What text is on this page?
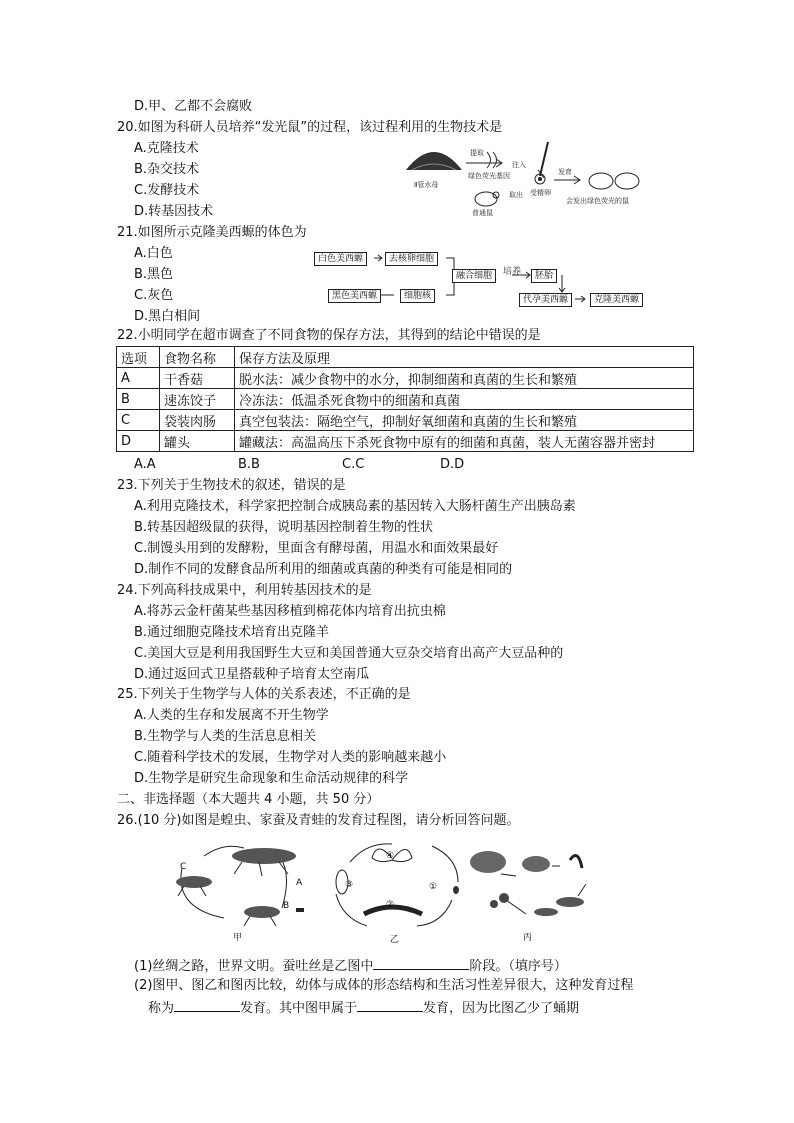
D.甲、乙都不会腐败
20.如图为科研人员培养“发光鼠”的过程，该过程利用的生物技术是
A.克隆技术
B.杂交技术
C.发酵技术
D.转基因技术
Ⅱ管水母
提取
绿色荧光基因
注入
受精卵
取出
普通鼠
发育
会发出绿色荧光的鼠
21.如图所示克隆美西螈的体色为
A.白色
B.黑色
C.灰色
D.黑白相间
白色美西螈	去核卵细胞
黑色美西螈	细胞核
融合细胞	培养	胚胎
代孕美西螈	克隆美西螈
22.小明同学在超市调查了不同食物的保存方法，其得到的结论中错误的是
选项	食物名称	保存方法及原理
A	干香菇	脱水法：减少食物中的水分，抑制细菌和真菌的生长和繁殖
B	速冻饺子	冷冻法：低温杀死食物中的细菌和真菌
C	袋装肉肠	真空包装法：隔绝空气，抑制好氧细菌和真菌的生长和繁殖
D	罐头	罐藏法：高温高压下杀死食物中原有的细菌和真菌，装人无菌容器并密封
A.A	B.B	C.C	D.D
23.下列关于生物技术的叙述，错误的是
A.利用克隆技术，科学家把控制合成胰岛素的基因转入大肠杆菌生产出胰岛素
B.转基因超级鼠的获得，说明基因控制着生物的性状
C.制馒头用到的发酵粉，里面含有酵母菌，用温水和面效果最好
D.制作不同的发酵食品所利用的细菌或真菌的种类有可能是相同的
24.下列高科技成果中，利用转基因技术的是
A.将苏云金杆菌某些基因移植到棉花体内培育出抗虫棉
B.通过细胞克隆技术培育出克隆羊
C.美国大豆是利用我国野生大豆和美国普通大豆杂交培育出高产大豆品种的
D.通过返回式卫星搭载种子培育太空南瓜
25.下列关于生物学与人体的关系表述，不正确的是
A.人类的生存和发展离不开生物学
B.生物学与人类的生活息息相关
C.随着科学技术的发展，生物学对人类的影响越来越小
D.生物学是研究生命现象和生命活动规律的科学
二、非选择题（本大题共 4 小题，共 50 分）
26.(10 分)如图是蝗虫、家蚕及青蛙的发育过程图，请分析回答问题。
A
B
C
甲
④
①
②
③
乙	丙
(1)丝绸之路，世界文明。蚕吐丝是乙图中	阶段。（填序号）
(2)图甲、图乙和图丙比较，幼体与成体的形态结构和生活习性差异很大，这种发育过程
称为	发育。其中图甲属于	发育，因为比图乙少了蛹期
